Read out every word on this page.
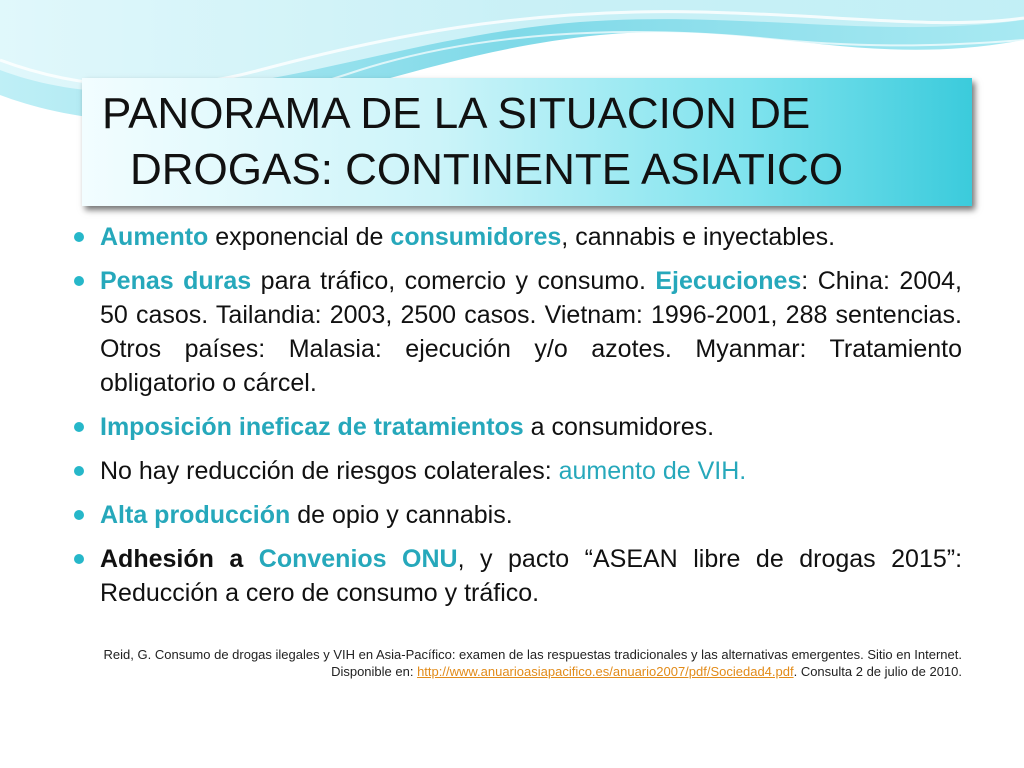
PANORAMA DE LA SITUACION DE
DROGAS: CONTINENTE ASIATICO
Aumento exponencial de consumidores, cannabis e inyectables.
Penas duras para tráfico, comercio y consumo. Ejecuciones: China: 2004, 50 casos. Tailandia: 2003, 2500 casos. Vietnam: 1996-2001, 288 sentencias. Otros países: Malasia: ejecución y/o azotes. Myanmar: Tratamiento obligatorio o cárcel.
Imposición ineficaz de tratamientos a consumidores.
No hay reducción de riesgos colaterales: aumento de VIH.
Alta producción de opio y cannabis.
Adhesión a Convenios ONU, y pacto “ASEAN libre de drogas 2015”: Reducción a cero de consumo y tráfico.
Reid, G. Consumo de drogas ilegales y VIH en Asia-Pacífico: examen de las respuestas tradicionales y las alternativas emergentes. Sitio en Internet. Disponible en: http://www.anuarioasiapacifico.es/anuario2007/pdf/Sociedad4.pdf. Consulta 2 de julio de 2010.
